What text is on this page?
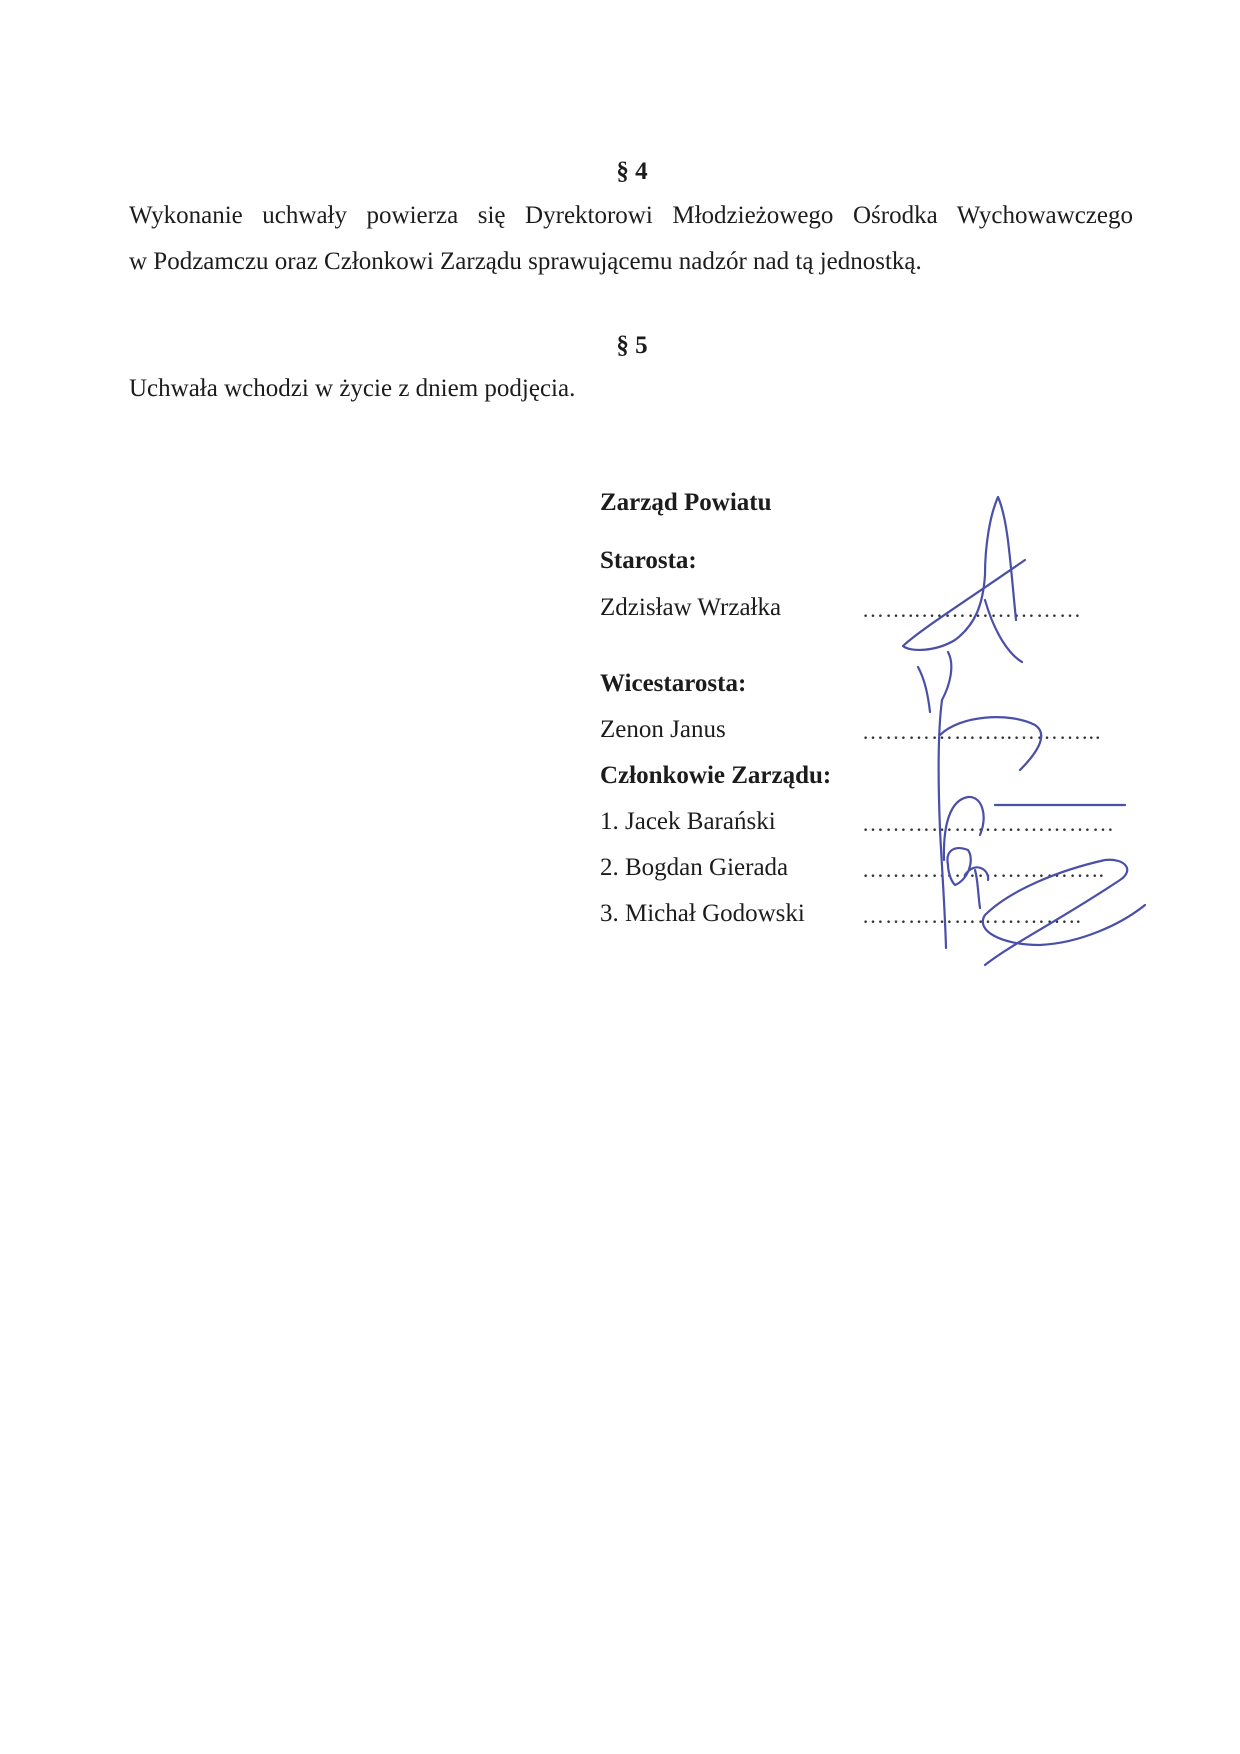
§ 4
Wykonanie uchwały powierza się Dyrektorowi Młodzieżowego Ośrodka Wychowawczego
w Podzamczu oraz Członkowi Zarządu sprawującemu nadzór nad tą jednostką.
§ 5
Uchwała wchodzi w życie z dniem podjęcia.
Zarząd Powiatu
Starosta:
Zdzisław Wrzałka	……..…………………
Wicestarosta:
Zenon Janus	………………..………...
Członkowie Zarządu:
1. Jacek Barański	……………………………
2. Bogdan Gierada	…………………………..
3. Michał Godowski	………………………..
